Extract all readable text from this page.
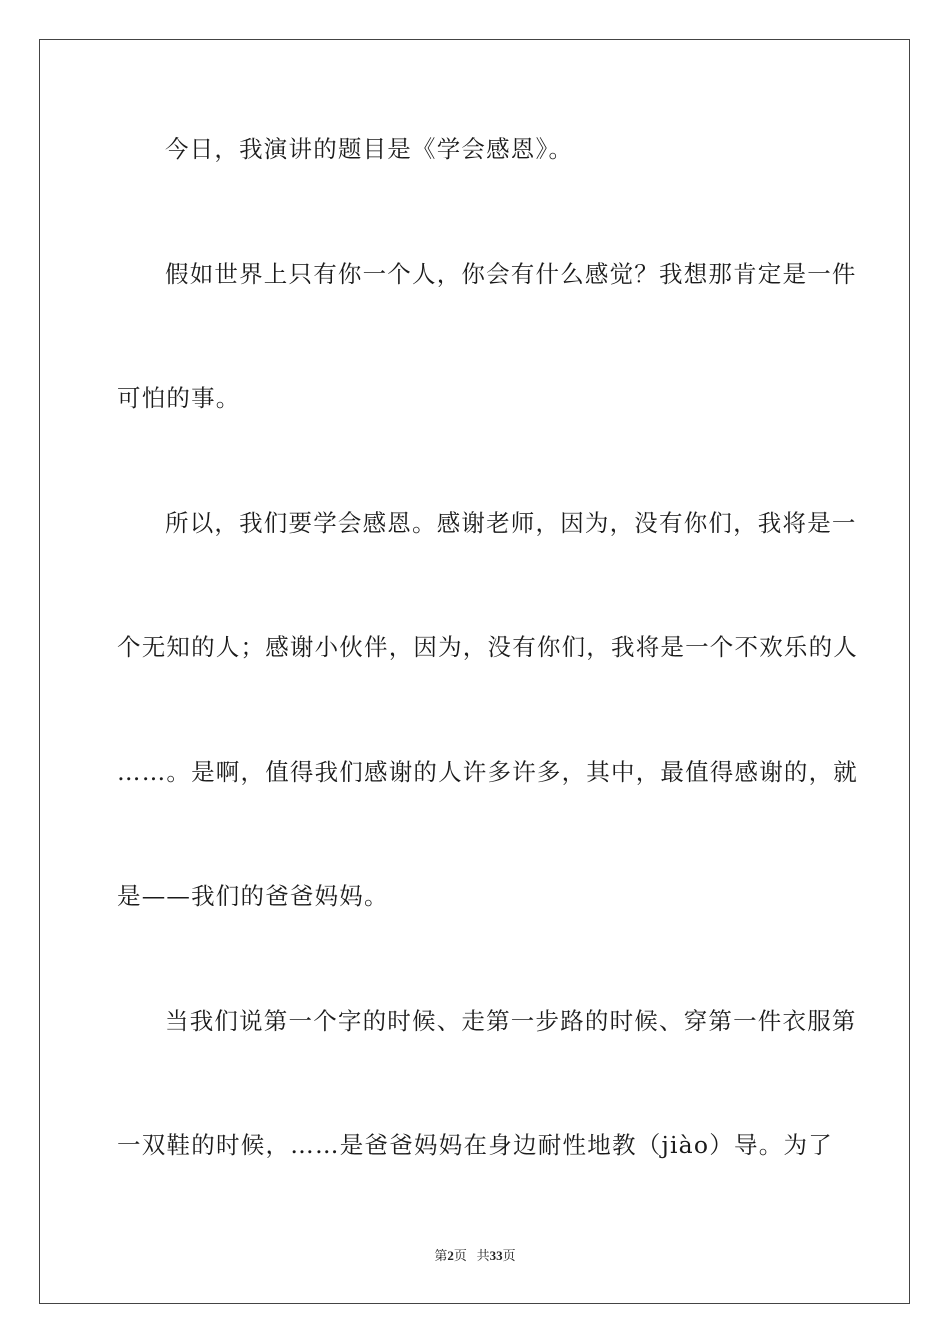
今日，我演讲的题目是《学会感恩》。
假如世界上只有你一个人，你会有什么感觉？我想那肯定是一件
可怕的事。
所以，我们要学会感恩。感谢老师，因为，没有你们，我将是一
个无知的人；感谢小伙伴，因为，没有你们，我将是一个不欢乐的人
……。是啊，值得我们感谢的人许多许多，其中，最值得感谢的，就
是——我们的爸爸妈妈。
当我们说第一个字的时候、走第一步路的时候、穿第一件衣服第
一双鞋的时候，……是爸爸妈妈在身边耐性地教（jiào）导。为了
第2页 共33页
